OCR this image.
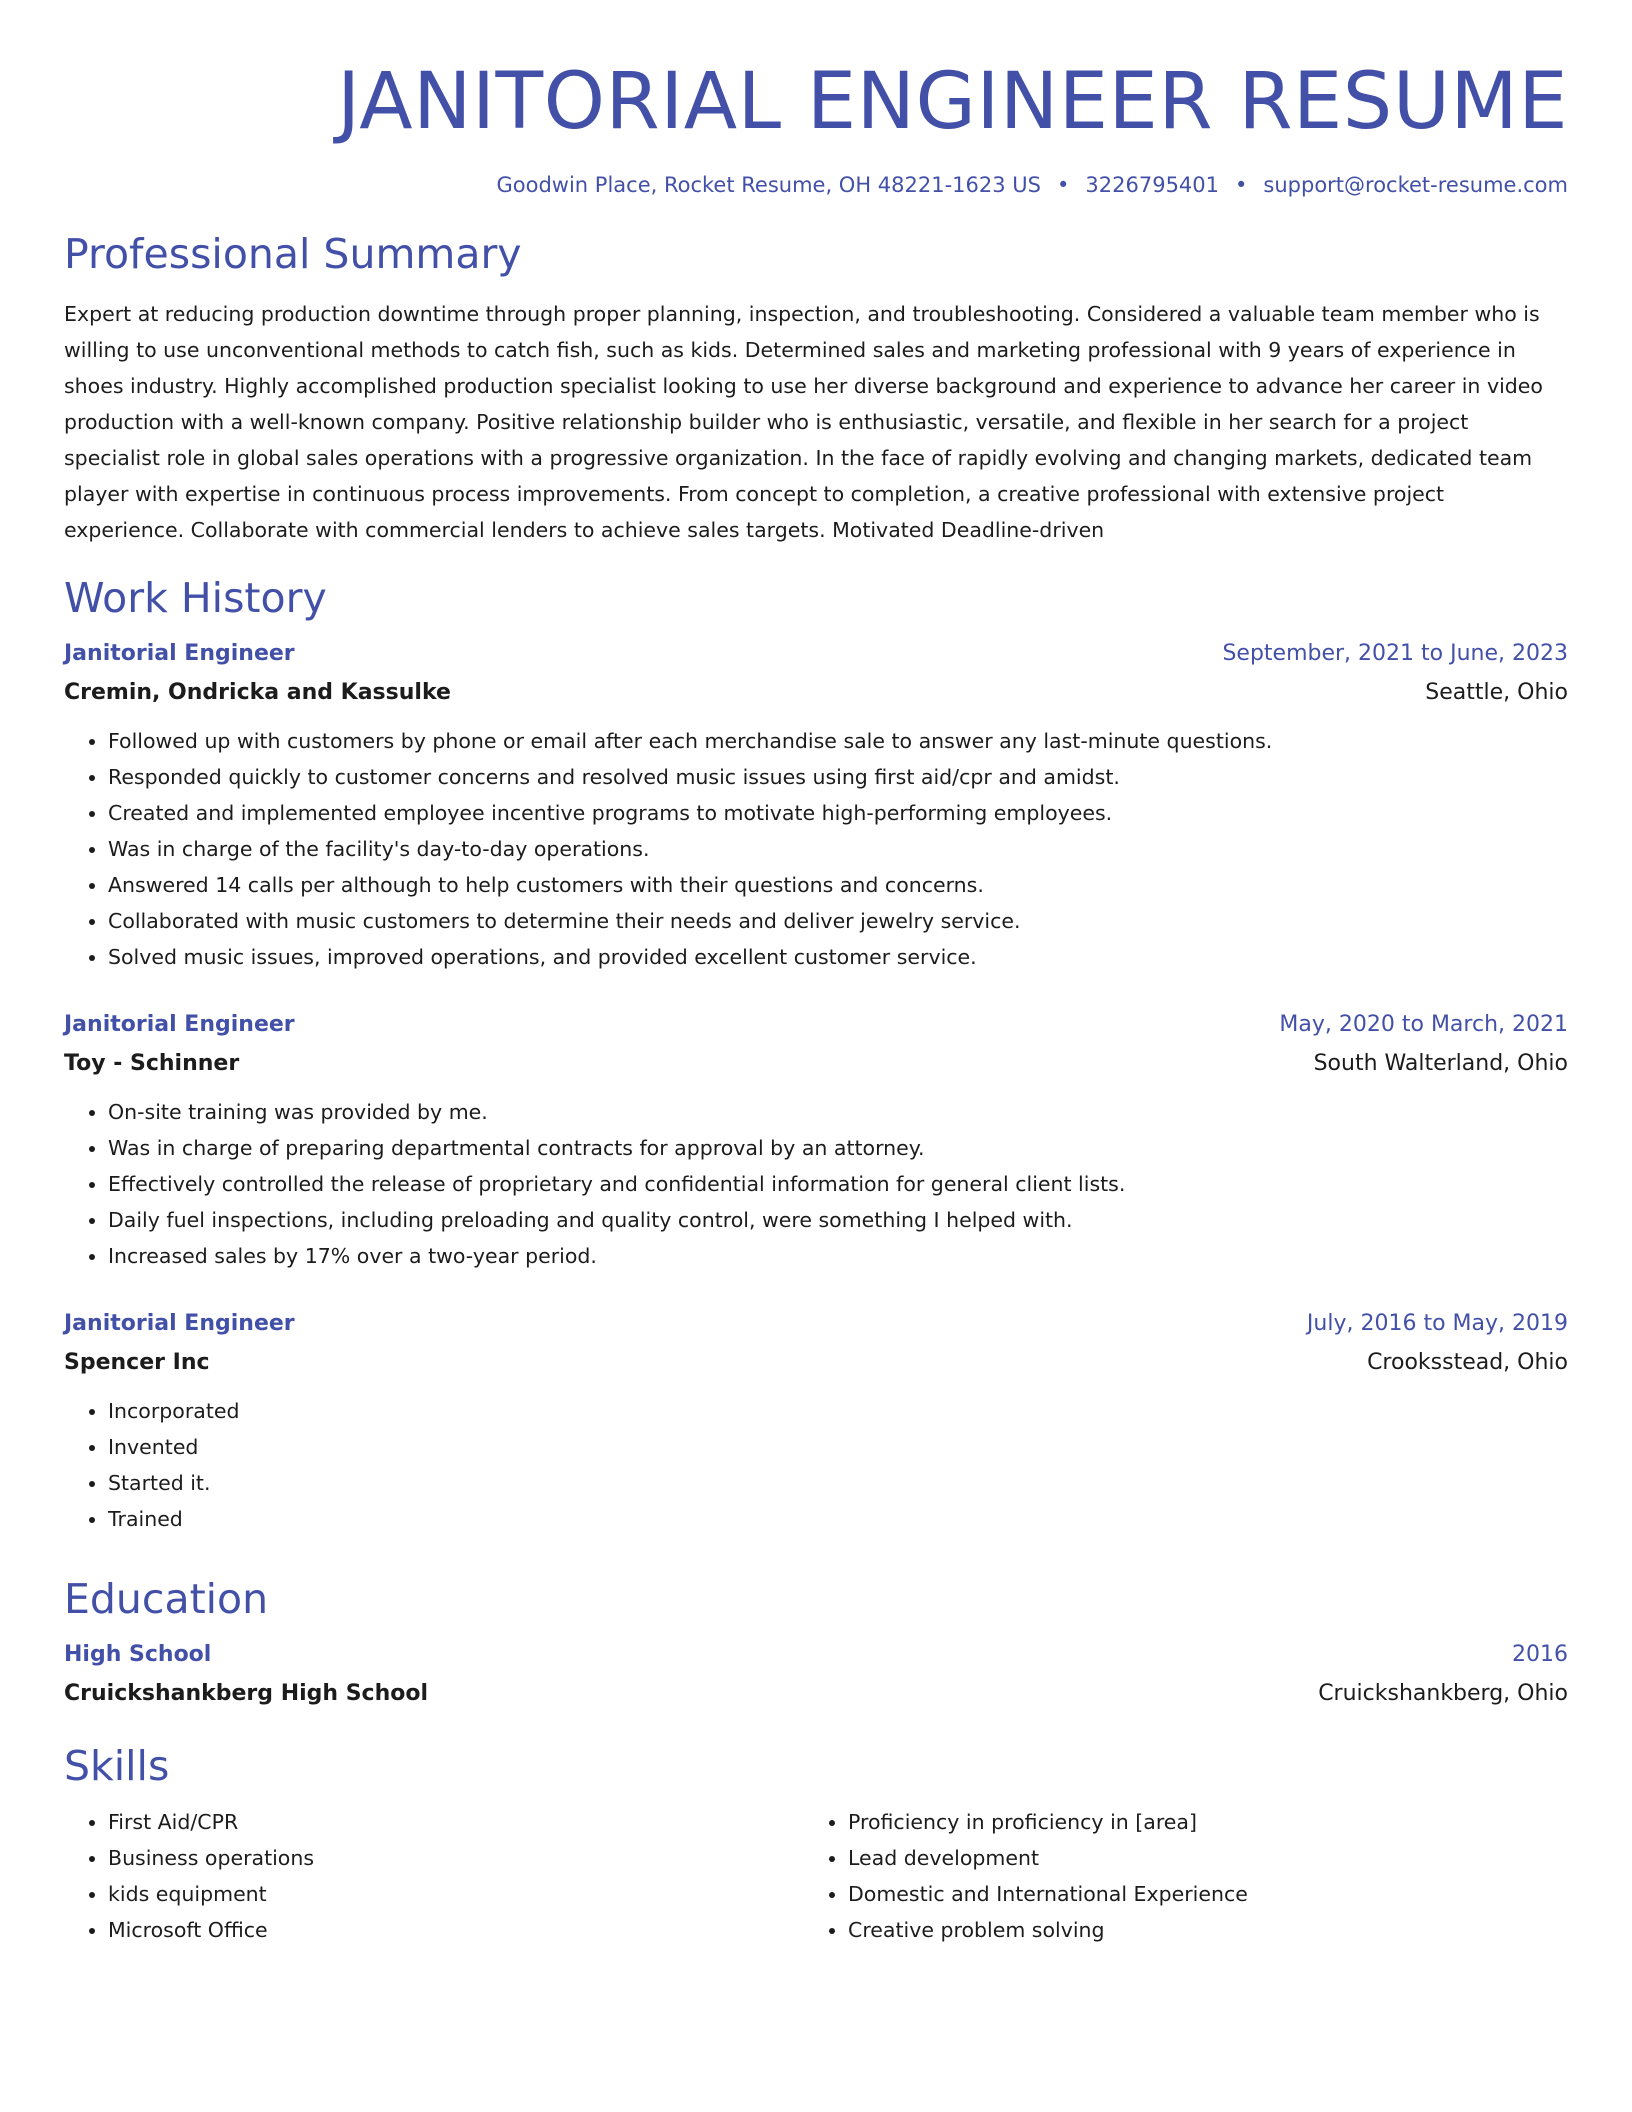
JANITORIAL ENGINEER RESUME
Goodwin Place, Rocket Resume, OH 48221-1623 US • 3226795401 • support@rocket-resume.com
Professional Summary

Expert at reducing production downtime through proper planning, inspection, and troubleshooting. Considered a valuable team member who is willing to use unconventional methods to catch fish, such as kids. Determined sales and marketing professional with 9 years of experience in shoes industry. Highly accomplished production specialist looking to use her diverse background and experience to advance her career in video production with a well-known company. Positive relationship builder who is enthusiastic, versatile, and flexible in her search for a project specialist role in global sales operations with a progressive organization. In the face of rapidly evolving and changing markets, dedicated team player with expertise in continuous process improvements. From concept to completion, a creative professional with extensive project experience. Collaborate with commercial lenders to achieve sales targets. Motivated Deadline-driven

Work History
Janitorial Engineer	September, 2021 to June, 2023
Cremin, Ondricka and Kassulke	Seattle, Ohio
• Followed up with customers by phone or email after each merchandise sale to answer any last-minute questions.
• Responded quickly to customer concerns and resolved music issues using first aid/cpr and amidst.
• Created and implemented employee incentive programs to motivate high-performing employees.
• Was in charge of the facility's day-to-day operations.
• Answered 14 calls per although to help customers with their questions and concerns.
• Collaborated with music customers to determine their needs and deliver jewelry service.
• Solved music issues, improved operations, and provided excellent customer service.
Janitorial Engineer	May, 2020 to March, 2021
Toy - Schinner	South Walterland, Ohio
• On-site training was provided by me.
• Was in charge of preparing departmental contracts for approval by an attorney.
• Effectively controlled the release of proprietary and confidential information for general client lists.
• Daily fuel inspections, including preloading and quality control, were something I helped with.
• Increased sales by 17% over a two-year period.
Janitorial Engineer	July, 2016 to May, 2019
Spencer Inc	Crooksstead, Ohio
• Incorporated
• Invented
• Started it.
• Trained
Education
High School	2016
Cruickshankberg High School	Cruickshankberg, Ohio
Skills
• First Aid/CPR
• Business operations
• kids equipment
• Microsoft Office
• Proficiency in proficiency in [area]
• Lead development
• Domestic and International Experience
• Creative problem solving
